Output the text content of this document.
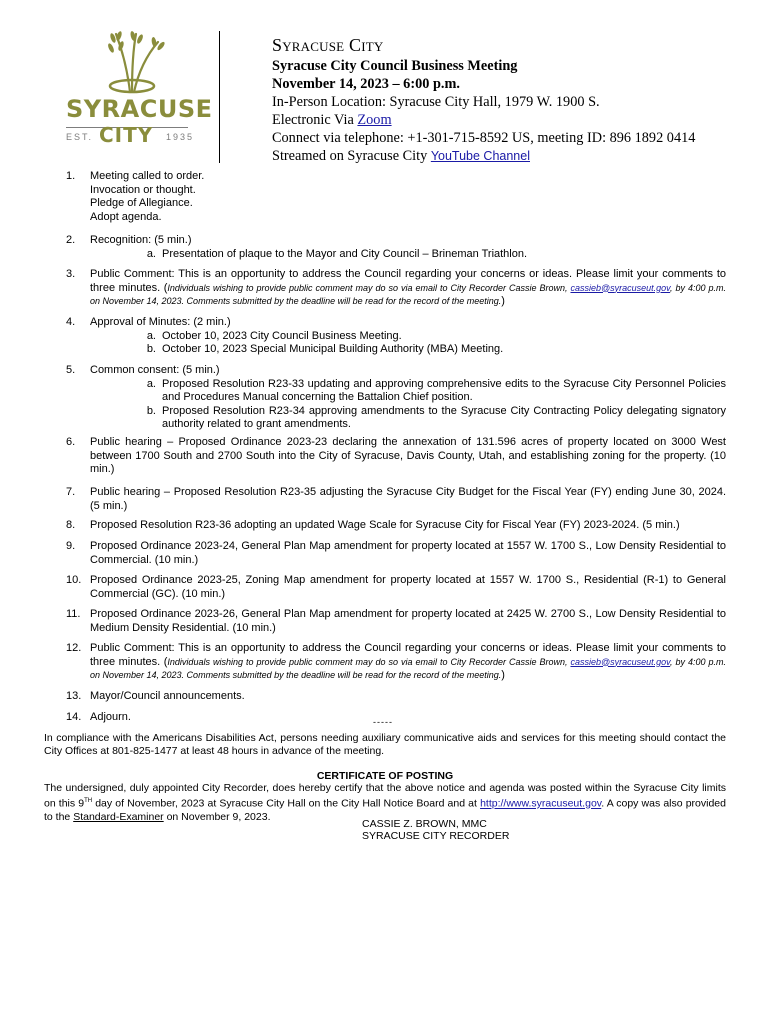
SYRACUSE
CITY
EST.	1935
Syracuse City
Syracuse City Council Business Meeting
November 14, 2023 – 6:00 p.m.
In-Person Location: Syracuse City Hall, 1979 W. 1900 S.
Electronic Via Zoom
Connect via telephone: +1-301-715-8592 US, meeting ID: 896 1892 0414
Streamed on Syracuse City YouTube Channel
1.	Meeting called to order.
Invocation or thought.
Pledge of Allegiance.
Adopt agenda.
2.	Recognition: (5 min.)
a. Presentation of plaque to the Mayor and City Council – Brineman Triathlon.
3.	Public Comment: This is an opportunity to address the Council regarding your concerns or ideas. Please limit your comments to three minutes. (Individuals wishing to provide public comment may do so via email to City Recorder Cassie Brown, cassieb@syracuseut.gov, by 4:00 p.m. on November 14, 2023. Comments submitted by the deadline will be read for the record of the meeting.)
4.	Approval of Minutes: (2 min.)
a. October 10, 2023 City Council Business Meeting.
b. October 10, 2023 Special Municipal Building Authority (MBA) Meeting.
5.	Common consent: (5 min.)
a. Proposed Resolution R23-33 updating and approving comprehensive edits to the Syracuse City Personnel Policies and Procedures Manual concerning the Battalion Chief position.
b. Proposed Resolution R23-34 approving amendments to the Syracuse City Contracting Policy delegating signatory authority related to grant amendments.
6.	Public hearing – Proposed Ordinance 2023-23 declaring the annexation of 131.596 acres of property located on 3000 West between 1700 South and 2700 South into the City of Syracuse, Davis County, Utah, and establishing zoning for the property. (10 min.)
7.	Public hearing – Proposed Resolution R23-35 adjusting the Syracuse City Budget for the Fiscal Year (FY) ending June 30, 2024. (5 min.)
8.	Proposed Resolution R23-36 adopting an updated Wage Scale for Syracuse City for Fiscal Year (FY) 2023-2024. (5 min.)
9.	Proposed Ordinance 2023-24, General Plan Map amendment for property located at 1557 W. 1700 S., Low Density Residential to Commercial. (10 min.)
10. Proposed Ordinance 2023-25, Zoning Map amendment for property located at 1557 W. 1700 S., Residential (R-1) to General Commercial (GC). (10 min.)
11. Proposed Ordinance 2023-26, General Plan Map amendment for property located at 2425 W. 2700 S., Low Density Residential to Medium Density Residential. (10 min.)
12. Public Comment: This is an opportunity to address the Council regarding your concerns or ideas. Please limit your comments to three minutes. (Individuals wishing to provide public comment may do so via email to City Recorder Cassie Brown, cassieb@syracuseut.gov, by 4:00 p.m. on November 14, 2023. Comments submitted by the deadline will be read for the record of the meeting.)
13. Mayor/Council announcements.
14. Adjourn.	-----
In compliance with the Americans Disabilities Act, persons needing auxiliary communicative aids and services for this meeting should contact the City Offices at 801-825-1477 at least 48 hours in advance of the meeting.
CERTIFICATE OF POSTING
The undersigned, duly appointed City Recorder, does hereby certify that the above notice and agenda was posted within the Syracuse City limits on this 9TH day of November, 2023 at Syracuse City Hall on the City Hall Notice Board and at http://www.syracuseut.gov. A copy was also provided to the Standard-Examiner on November 9, 2023.
CASSIE Z. BROWN, MMC
SYRACUSE CITY RECORDER
